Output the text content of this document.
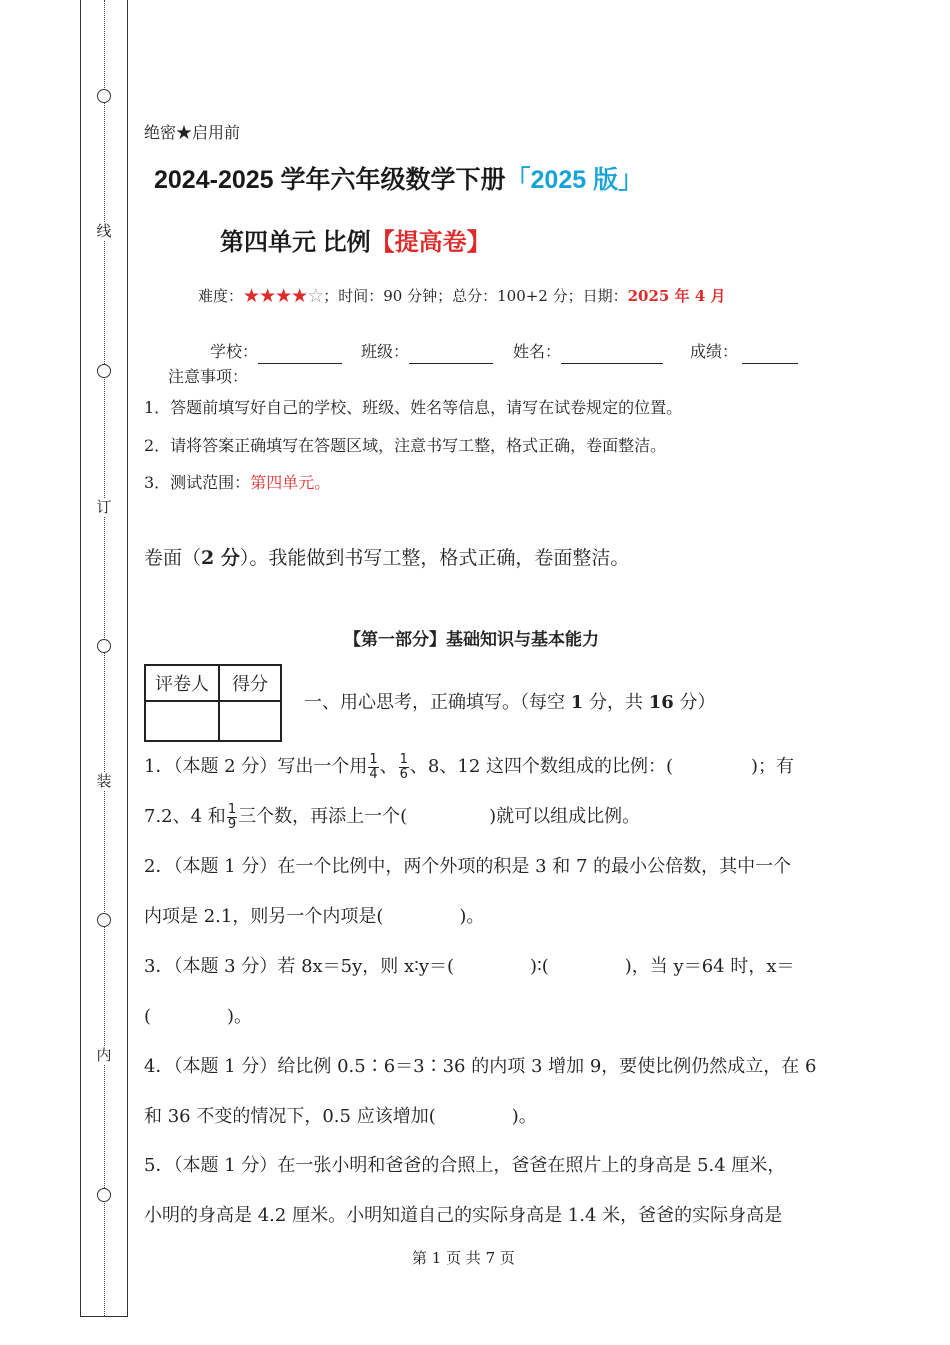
线
订
装
内
绝密★启用前
2024-2025 学年六年级数学下册「2025 版」
第四单元 比例【提高卷】
难度：★★★★☆；时间：90 分钟；总分：100+2 分；日期：2025 年 4 月
学校：	班级：	姓名：	成绩：
注意事项：
1．答题前填写好自己的学校、班级、姓名等信息，请写在试卷规定的位置。
2．请将答案正确填写在答题区域，注意书写工整，格式正确，卷面整洁。
3．测试范围：第四单元。
卷面（2 分）。我能做到书写工整，格式正确，卷面整洁。
【第一部分】基础知识与基本能力
评卷人	得分

一、用心思考，正确填写。（每空 1 分，共 16 分）
1．（本题 2 分）写出一个用 $\frac{1}{4}$ 、 $\frac{1}{6}$ 、8、12 这四个数组成的比例：(	)；有
7.2、4 和 $\frac{1}{9}$ 三个数，再添上一个(	)就可以组成比例。
2．（本题 1 分）在一个比例中，两个外项的积是 3 和 7 的最小公倍数，其中一个
内项是 2.1，则另一个内项是(	)。
3．（本题 3 分）若 8x＝5y，则 x∶y＝(	)∶(	)，当 y＝64 时，x＝
(	)。
4．（本题 1 分）给比例 0.5∶6＝3∶36 的内项 3 增加 9，要使比例仍然成立，在 6
和 36 不变的情况下，0.5 应该增加(	)。
5．（本题 1 分）在一张小明和爸爸的合照上，爸爸在照片上的身高是 5.4 厘米，
小明的身高是 4.2 厘米。小明知道自己的实际身高是 1.4 米，爸爸的实际身高是
第 1 页 共 7 页
